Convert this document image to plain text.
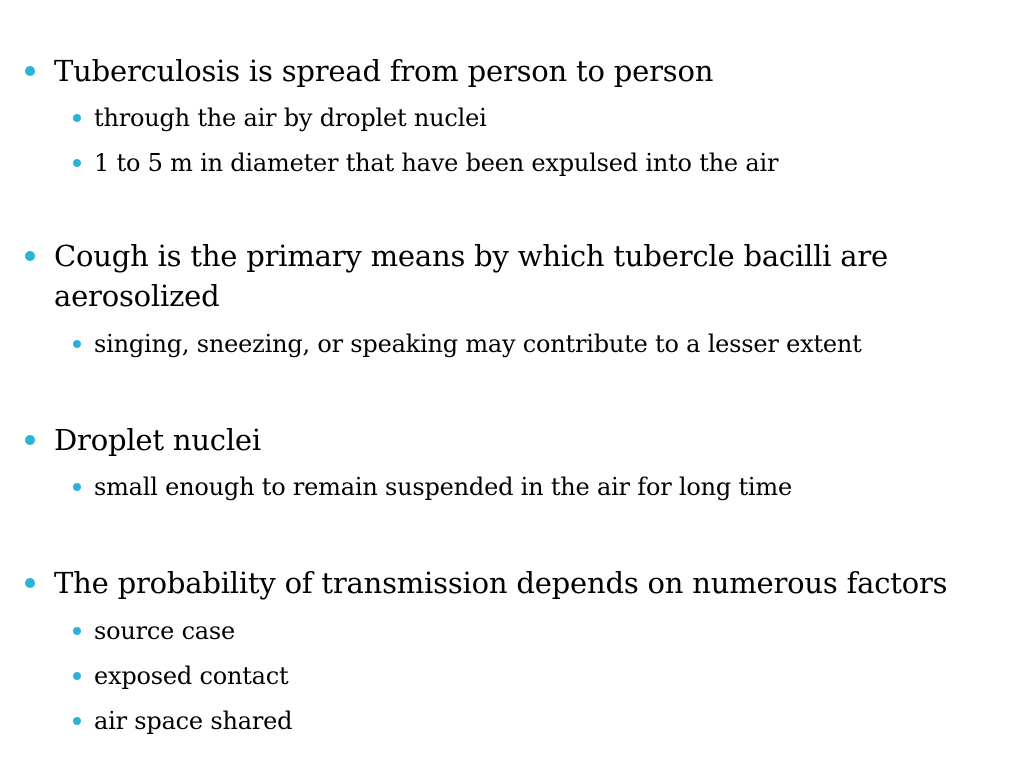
Tuberculosis is spread from person to person
through the air by droplet nuclei
1 to 5 m in diameter that have been expulsed into the air
Cough is the primary means by which tubercle bacilli are
aerosolized
singing, sneezing, or speaking may contribute to a lesser extent
Droplet nuclei
small enough to remain suspended in the air for long time
The probability of transmission depends on numerous factors
source case
exposed contact
air space shared
